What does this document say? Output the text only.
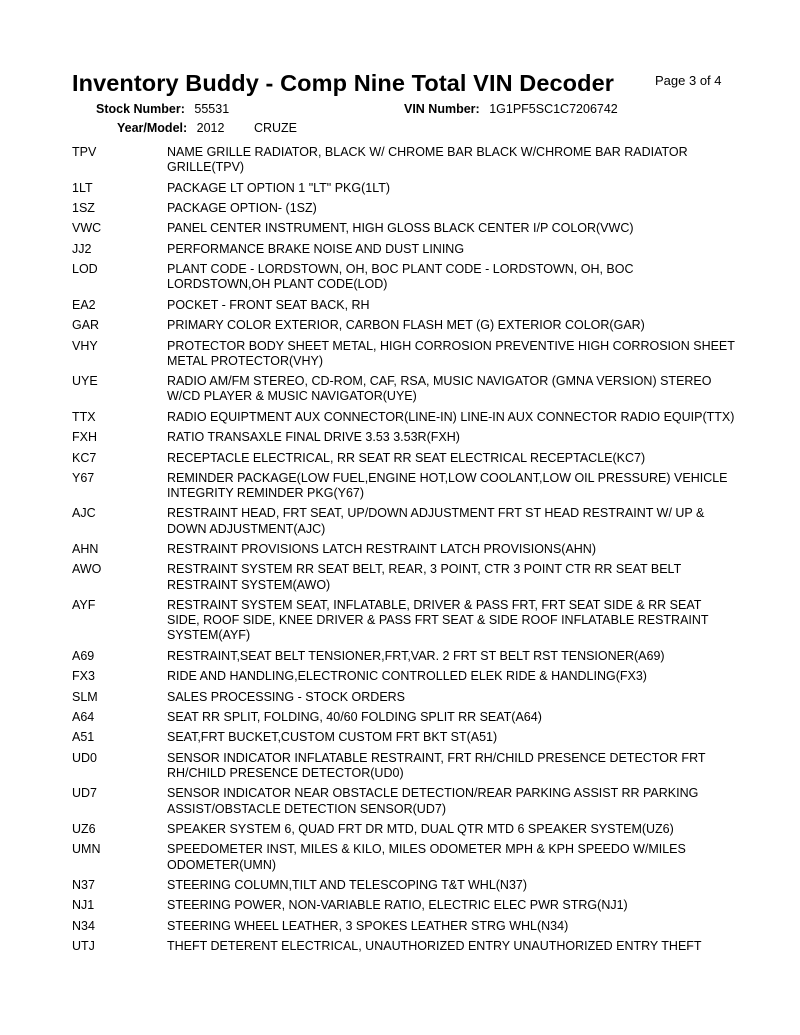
Inventory Buddy - Comp Nine Total VIN Decoder	Page 3 of 4
Stock Number: 55531	VIN Number: 1G1PF5SC1C7206742
Year/Model: 2012 CRUZE
TPV	NAME GRILLE RADIATOR, BLACK W/ CHROME BAR BLACK W/CHROME BAR RADIATOR GRILLE(TPV)
1LT	PACKAGE LT OPTION 1 "LT" PKG(1LT)
1SZ	PACKAGE OPTION- (1SZ)
VWC	PANEL CENTER INSTRUMENT, HIGH GLOSS BLACK CENTER I/P COLOR(VWC)
JJ2	PERFORMANCE BRAKE NOISE AND DUST LINING
LOD	PLANT CODE - LORDSTOWN, OH, BOC PLANT CODE - LORDSTOWN, OH, BOC LORDSTOWN,OH PLANT CODE(LOD)
EA2	POCKET - FRONT SEAT BACK, RH
GAR	PRIMARY COLOR EXTERIOR, CARBON FLASH MET (G) EXTERIOR COLOR(GAR)
VHY	PROTECTOR BODY SHEET METAL, HIGH CORROSION PREVENTIVE HIGH CORROSION SHEET METAL PROTECTOR(VHY)
UYE	RADIO AM/FM STEREO, CD-ROM, CAF, RSA, MUSIC NAVIGATOR (GMNA VERSION) STEREO W/CD PLAYER & MUSIC NAVIGATOR(UYE)
TTX	RADIO EQUIPTMENT AUX CONNECTOR(LINE-IN) LINE-IN AUX CONNECTOR RADIO EQUIP(TTX)
FXH	RATIO TRANSAXLE FINAL DRIVE 3.53 3.53R(FXH)
KC7	RECEPTACLE ELECTRICAL, RR SEAT RR SEAT ELECTRICAL RECEPTACLE(KC7)
Y67	REMINDER PACKAGE(LOW FUEL,ENGINE HOT,LOW COOLANT,LOW OIL PRESSURE) VEHICLE INTEGRITY REMINDER PKG(Y67)
AJC	RESTRAINT HEAD, FRT SEAT, UP/DOWN ADJUSTMENT FRT ST HEAD RESTRAINT W/ UP & DOWN ADJUSTMENT(AJC)
AHN	RESTRAINT PROVISIONS LATCH RESTRAINT LATCH PROVISIONS(AHN)
AWO	RESTRAINT SYSTEM RR SEAT BELT, REAR, 3 POINT, CTR 3 POINT CTR RR SEAT BELT RESTRAINT SYSTEM(AWO)
AYF	RESTRAINT SYSTEM SEAT, INFLATABLE, DRIVER & PASS FRT, FRT SEAT SIDE & RR SEAT SIDE, ROOF SIDE, KNEE DRIVER & PASS FRT SEAT & SIDE ROOF INFLATABLE RESTRAINT SYSTEM(AYF)
A69	RESTRAINT,SEAT BELT TENSIONER,FRT,VAR. 2 FRT ST BELT RST TENSIONER(A69)
FX3	RIDE AND HANDLING,ELECTRONIC CONTROLLED ELEK RIDE & HANDLING(FX3)
SLM	SALES PROCESSING - STOCK ORDERS
A64	SEAT RR SPLIT, FOLDING, 40/60 FOLDING SPLIT RR SEAT(A64)
A51	SEAT,FRT BUCKET,CUSTOM CUSTOM FRT BKT ST(A51)
UD0	SENSOR INDICATOR INFLATABLE RESTRAINT, FRT RH/CHILD PRESENCE DETECTOR FRT RH/CHILD PRESENCE DETECTOR(UD0)
UD7	SENSOR INDICATOR NEAR OBSTACLE DETECTION/REAR PARKING ASSIST RR PARKING ASSIST/OBSTACLE DETECTION SENSOR(UD7)
UZ6	SPEAKER SYSTEM 6, QUAD FRT DR MTD, DUAL QTR MTD 6 SPEAKER SYSTEM(UZ6)
UMN	SPEEDOMETER INST, MILES & KILO, MILES ODOMETER MPH & KPH SPEEDO W/MILES ODOMETER(UMN)
N37	STEERING COLUMN,TILT AND TELESCOPING T&T WHL(N37)
NJ1	STEERING POWER, NON-VARIABLE RATIO, ELECTRIC ELEC PWR STRG(NJ1)
N34	STEERING WHEEL LEATHER, 3 SPOKES LEATHER STRG WHL(N34)
UTJ	THEFT DETERENT ELECTRICAL, UNAUTHORIZED ENTRY UNAUTHORIZED ENTRY THEFT
